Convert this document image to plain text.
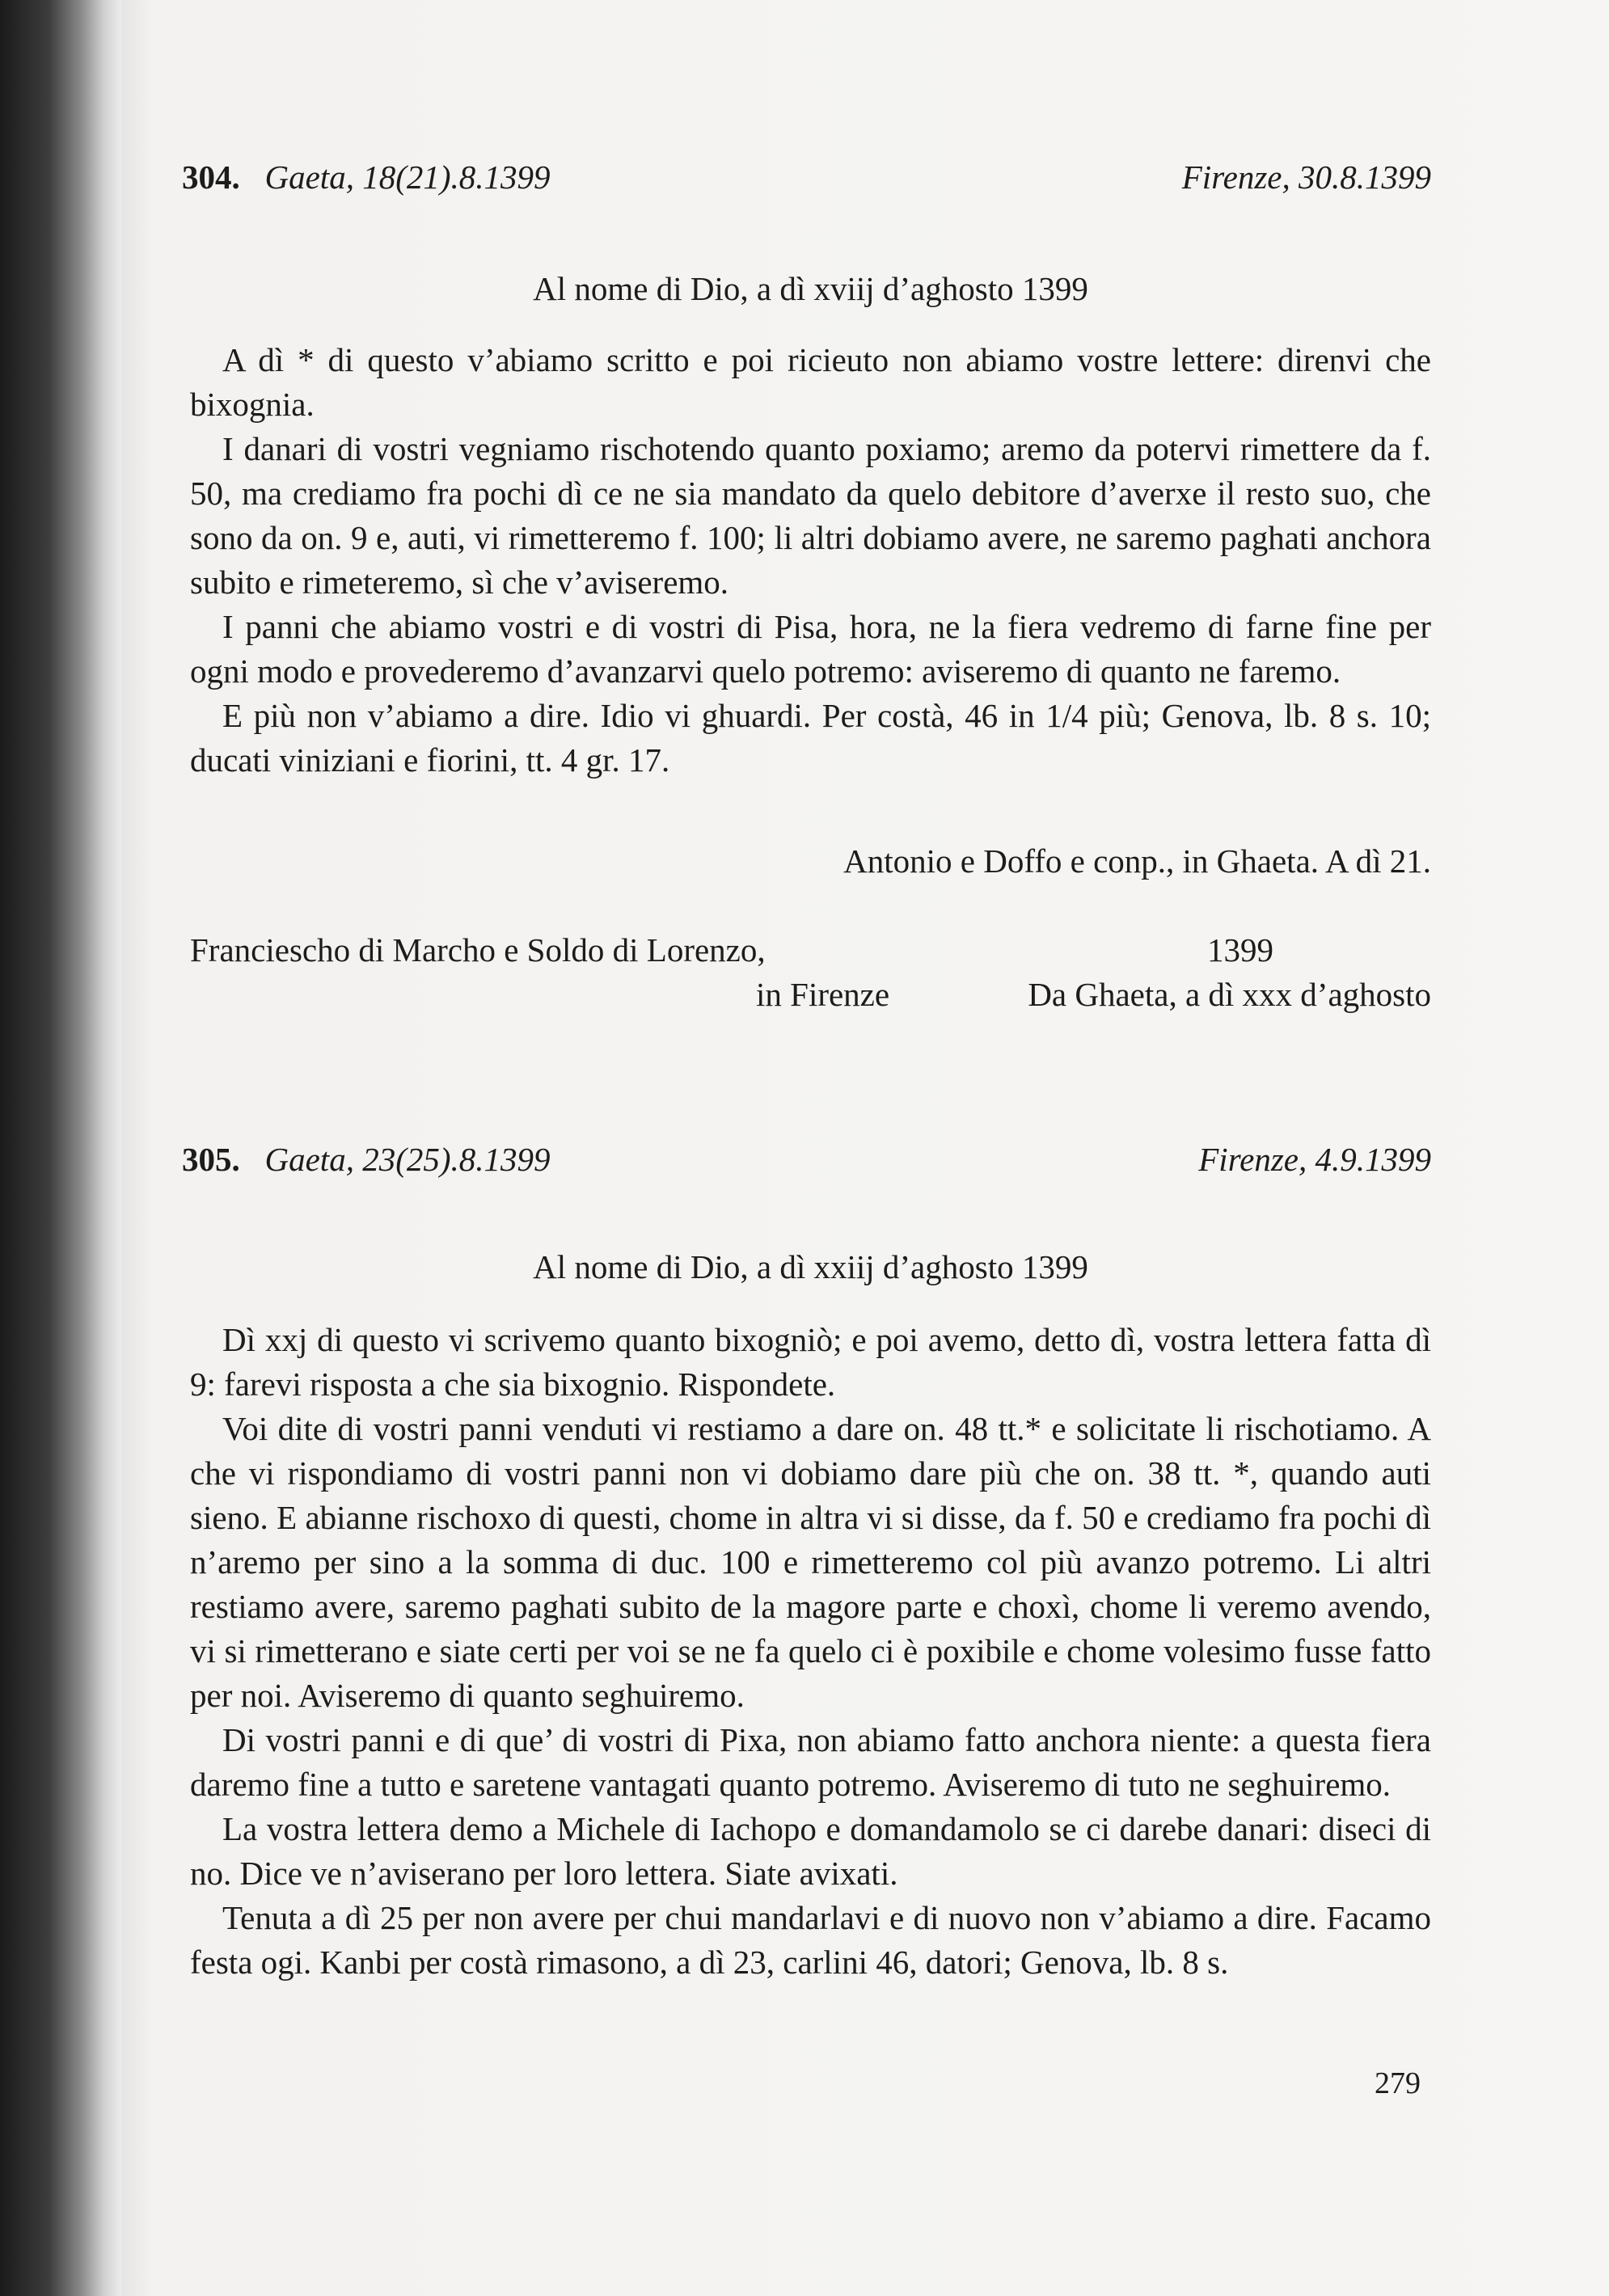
304. Gaeta, 18(21).8.1399	Firenze, 30.8.1399
Al nome di Dio, a dì xviij d’aghosto 1399

A dì * di questo v’abiamo scritto e poi ricieuto non abiamo vostre lettere: direnvi che bixognia.

I danari di vostri vegniamo rischotendo quanto poxiamo; aremo da potervi rimettere da f. 50, ma crediamo fra pochi dì ce ne sia mandato da quelo debitore d’averxe il resto suo, che sono da on. 9 e, auti, vi rimetteremo f. 100; li altri dobiamo avere, ne saremo paghati anchora subito e rimeteremo, sì che v’aviseremo.

I panni che abiamo vostri e di vostri di Pisa, hora, ne la fiera vedremo di farne fine per ogni modo e provederemo d’avanzarvi quelo potremo: aviseremo di quanto ne faremo.

E più non v’abiamo a dire. Idio vi ghuardi. Per costà, 46 in 1/4 più; Genova, lb. 8 s. 10; ducati viniziani e fiorini, tt. 4 gr. 17.

Antonio e Doffo e conp., in Ghaeta. A dì 21.
Franciescho di Marcho e Soldo di Lorenzo,	1399
in Firenze	Da Ghaeta, a dì xxx d’aghosto
305. Gaeta, 23(25).8.1399	Firenze, 4.9.1399
Al nome di Dio, a dì xxiij d’aghosto 1399

Dì xxj di questo vi scrivemo quanto bixogniò; e poi avemo, detto dì, vostra lettera fatta dì 9: farevi risposta a che sia bixognio. Rispondete.

Voi dite di vostri panni venduti vi restiamo a dare on. 48 tt.* e solicitate li rischotiamo. A che vi rispondiamo di vostri panni non vi dobiamo dare più che on. 38 tt. *, quando auti sieno. E abianne rischoxo di questi, chome in altra vi si disse, da f. 50 e crediamo fra pochi dì n’aremo per sino a la somma di duc. 100 e rimetteremo col più avanzo potremo. Li altri restiamo avere, saremo paghati subito de la magore parte e choxì, chome li veremo avendo, vi si rimetterano e siate certi per voi se ne fa quelo ci è poxibile e chome volesimo fusse fatto per noi. Aviseremo di quanto seghuiremo.

Di vostri panni e di que’ di vostri di Pixa, non abiamo fatto anchora niente: a questa fiera daremo fine a tutto e saretene vantagati quanto potremo. Aviseremo di tuto ne seghuiremo.

La vostra lettera demo a Michele di Iachopo e domandamolo se ci darebe danari: diseci di no. Dice ve n’aviserano per loro lettera. Siate avixati.

Tenuta a dì 25 per non avere per chui mandarlavi e di nuovo non v’abiamo a dire. Facamo festa ogi. Kanbi per costà rimasono, a dì 23, carlini 46, datori; Genova, lb. 8 s.

279
